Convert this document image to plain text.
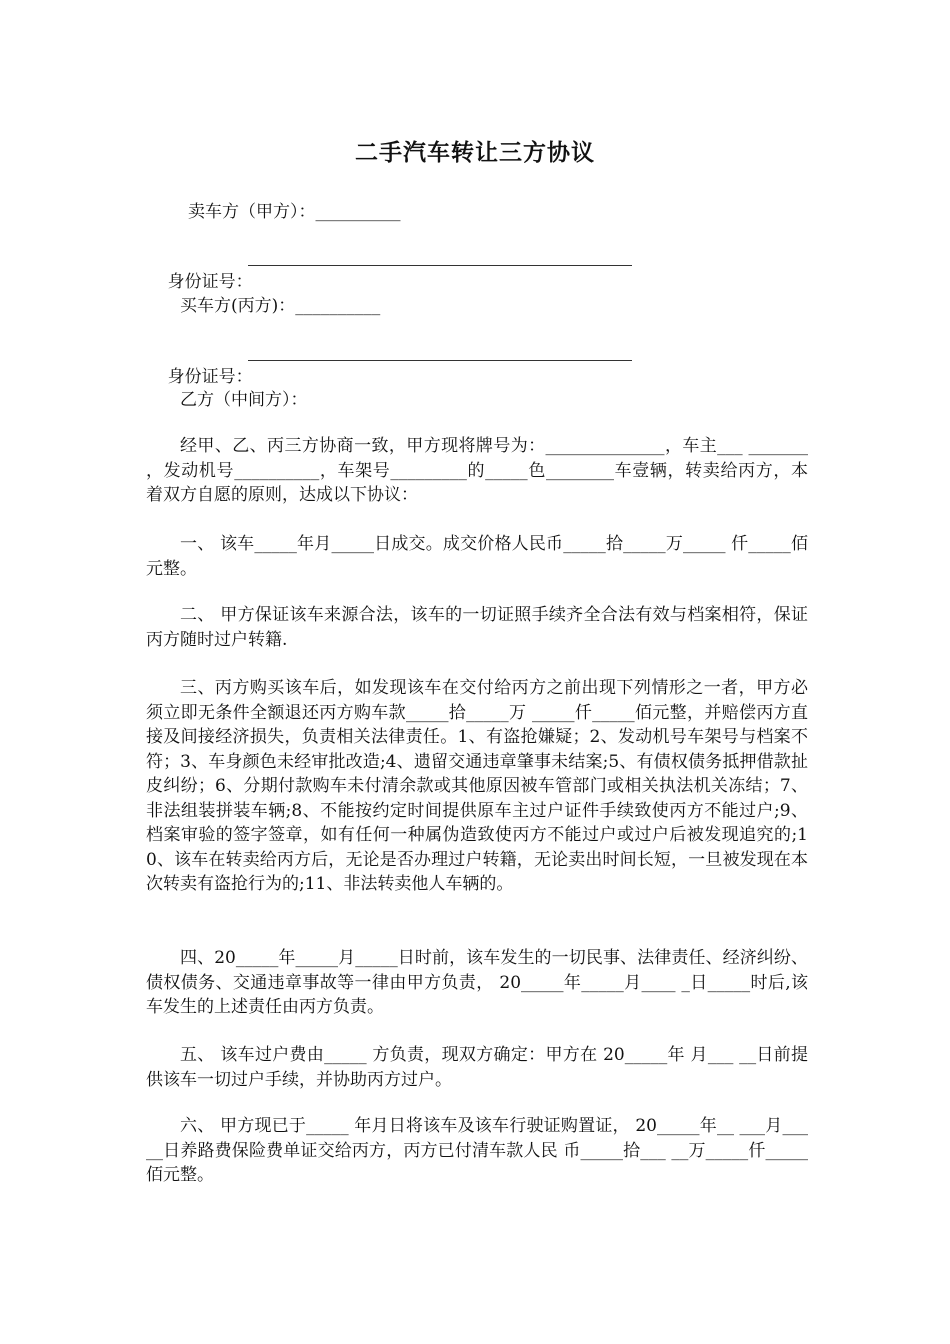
二手汽车转让三方协议
卖车方（甲方）：__________

身份证号：

买车方(丙方)：__________

身份证号：

乙方（中间方）：
经甲、乙、丙三方协商一致，甲方现将牌号为：______________，车主___ _______ ，发动机号__________，车架号_________的_____色________车壹辆，转卖给丙方，本着双方自愿的原则，达成以下协议：
一、 该车_____年月_____日成交。成交价格人民币_____拾_____万_____ 仟_____佰元整。
二、 甲方保证该车来源合法，该车的一切证照手续齐全合法有效与档案相符，保证丙方随时过户转籍.
三、丙方购买该车后，如发现该车在交付给丙方之前出现下列情形之一者，甲方必须立即无条件全额退还丙方购车款_____拾_____万 _____仟_____佰元整，并赔偿丙方直接及间接经济损失，负责相关法律责任。1、有盗抢嫌疑；2、发动机号车架号与档案不符；3、车身颜色未经审批改造;4、遗留交通违章肇事未结案;5、有债权债务抵押借款扯皮纠纷；6、分期付款购车未付清余款或其他原因被车管部门或相关执法机关冻结；7、非法组装拼装车辆;8、不能按约定时间提供原车主过户证件手续致使丙方不能过户;9、档案审验的签字签章，如有任何一种属伪造致使丙方不能过户或过户后被发现追究的;10、该车在转卖给丙方后，无论是否办理过户转籍，无论卖出时间长短，一旦被发现在本次转卖有盗抢行为的;11、非法转卖他人车辆的。
四、20_____年_____月_____日时前，该车发生的一切民事、法律责任、经济纠纷、债权债务、交通违章事故等一律由甲方负责， 20_____年_____月____ _日_____时后,该车发生的上述责任由丙方负责。
五、 该车过户费由_____ 方负责，现双方确定：甲方在 20_____年 月___ __日前提供该车一切过户手续，并协助丙方过户。
六、 甲方现已于_____ 年月日将该车及该车行驶证购置证， 20_____年__ ___月_____日养路费保险费单证交给丙方，丙方已付清车款人民 币_____拾___ __万_____仟_____佰元整。
